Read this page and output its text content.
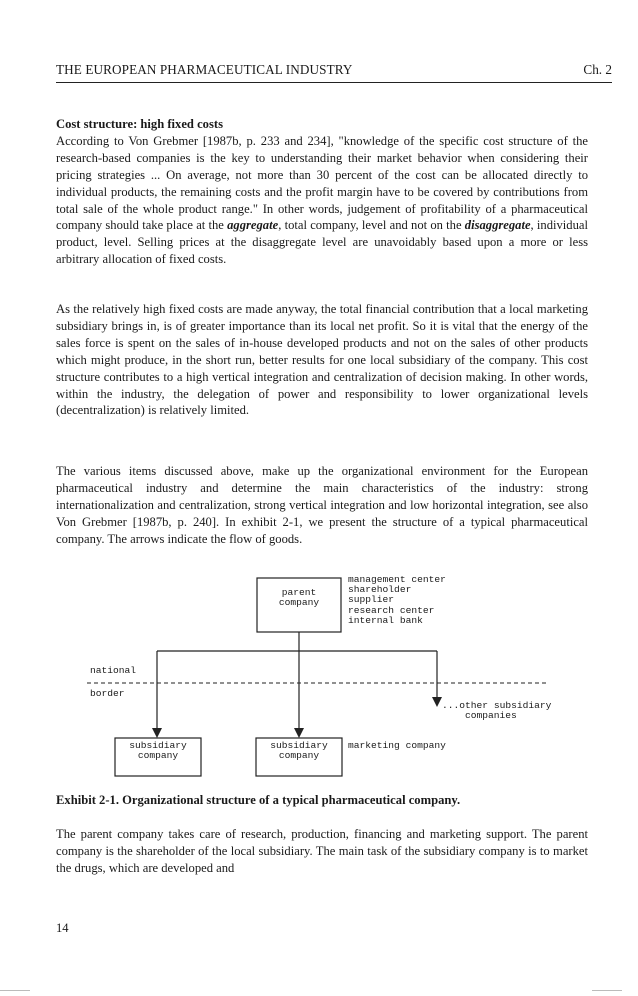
THE EUROPEAN PHARMACEUTICAL INDUSTRY	Ch. 2

Cost structure: high fixed costs
According to Von Grebmer [1987b, p. 233 and 234], "knowledge of the specific cost structure of the research-based companies is the key to understanding their market behavior when considering their pricing strategies ... On average, not more than 30 percent of the cost can be allocated directly to individual products, the remaining costs and the profit margin have to be covered by contributions from total sale of the whole product range." In other words, judgement of profitability of a pharmaceutical company should take place at the aggregate, total company, level and not on the disaggregate, individual product, level. Selling prices at the disaggregate level are unavoidably based upon a more or less arbitrary allocation of fixed costs.

As the relatively high fixed costs are made anyway, the total financial contribution that a local marketing subsidiary brings in, is of greater importance than its local net profit. So it is vital that the energy of the sales force is spent on the sales of in-house developed products and not on the sales of other products which might produce, in the short run, better results for one local subsidiary of the company. This cost structure contributes to a high vertical integration and centralization of decision making. In other words, within the industry, the delegation of power and responsibility to lower organizational levels (decentralization) is relatively limited.
The various items discussed above, make up the organizational environment for the European pharmaceutical industry and determine the main characteristics of the industry: strong internationalization and centralization, strong vertical integration and low horizontal integration, see also Von Grebmer [1987b, p. 240]. In exhibit 2-1, we present the structure of a typical pharmaceutical company. The arrows indicate the flow of goods.
parent
company
management center
shareholder
supplier
research center
internal bank
national
border
...other subsidiary
companies
subsidiary
company
subsidiary
company
marketing company
Exhibit 2-1. Organizational structure of a typical pharmaceutical company.
The parent company takes care of research, production, financing and marketing support. The parent company is the shareholder of the local subsidiary. The main task of the subsidiary company is to market the drugs, which are developed and
14
